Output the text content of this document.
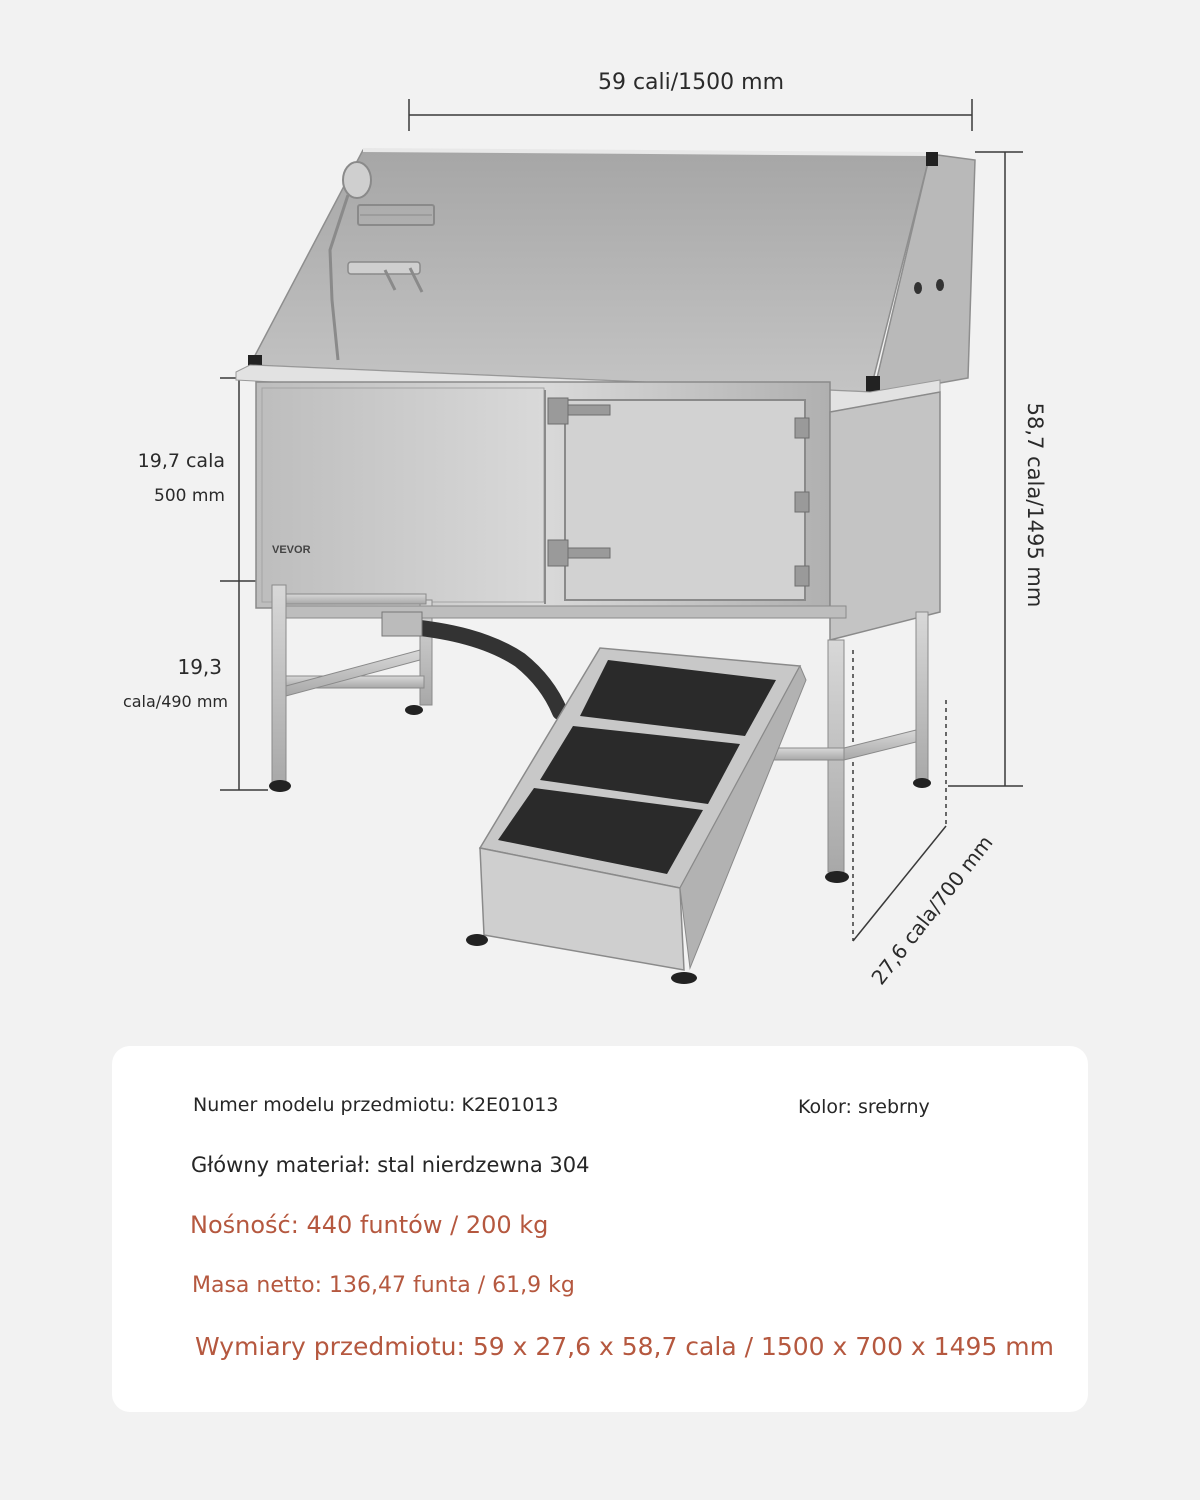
VEVOR
59 cali/1500 mm
19,7 cala
500 mm
19,3
cala/490 mm
58,7 cala/1495 mm
27,6 cala/700 mm
Numer modelu przedmiotu: K2E01013	Kolor: srebrny
Główny materiał: stal nierdzewna 304
Nośność: 440 funtów / 200 kg
Masa netto: 136,47 funta / 61,9 kg
Wymiary przedmiotu: 59 x 27,6 x 58,7 cala / 1500 x 700 x 1495 mm
